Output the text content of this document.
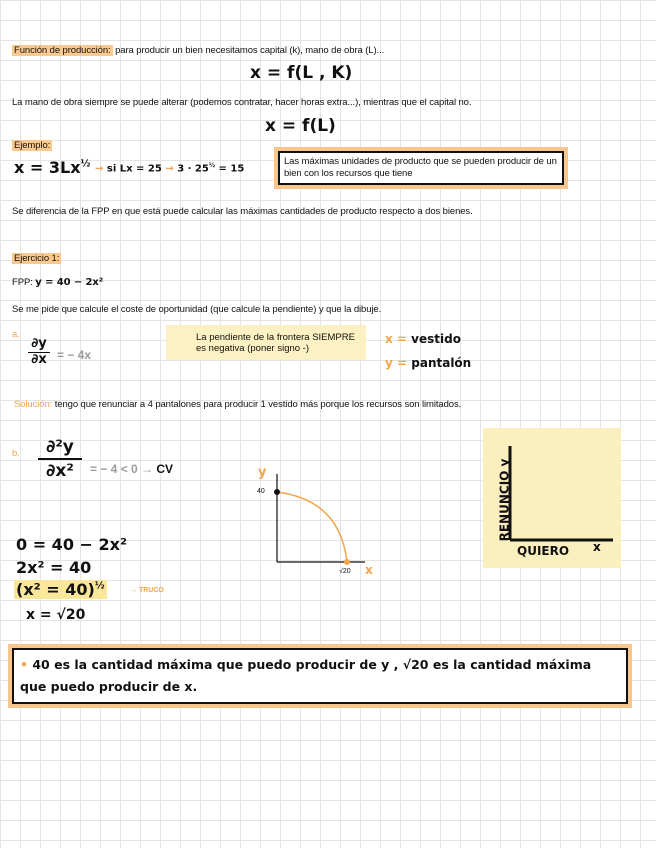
Función de producción: para producir un bien necesitamos capital (k), mano de obra (L)...
x = f(L , K)
La mano de obra siempre se puede alterar (podemos contratar, hacer horas extra...), mientras que el capital no.
x = f(L)
Ejemplo:
$x = 3Lx^{\frac{1}{2}}$ → si $Lx = 25 \to 3 \cdot 25^{\frac{1}{2}} = 15$
Las máximas unidades de producto que se pueden producir de un bien con los recursos que tiene
Se diferencia de la FPP en que está puede calcular las máximas cantidades de producto respecto a dos bienes.
Ejercicio 1:
FPP: y = 40 − 2x²
Se me pide que calcule el coste de oportunidad (que calcule la pendiente) y que la dibuje.
a.
∂y
∂x = − 4x
La pendiente de la frontera SIEMPRE es negativa (poner signo -)
x = vestido
y = pantalón
Solución: tengo que renunciar a 4 pantalones para producir 1 vestido más porque los recursos son limitados.
b.	∂²y
∂x²	= − 4 < 0 → CV	y
40
√20 x
0 = 40 − 2x²
2x² = 40
(x² = 40)$^{\frac{1}{2}}$	→ TRUCO
x = √20
RENUNCIO y
QUIERO x
• 40 es la cantidad máxima que puedo producir de y , √20 es la cantidad máxima que puedo producir de x.
